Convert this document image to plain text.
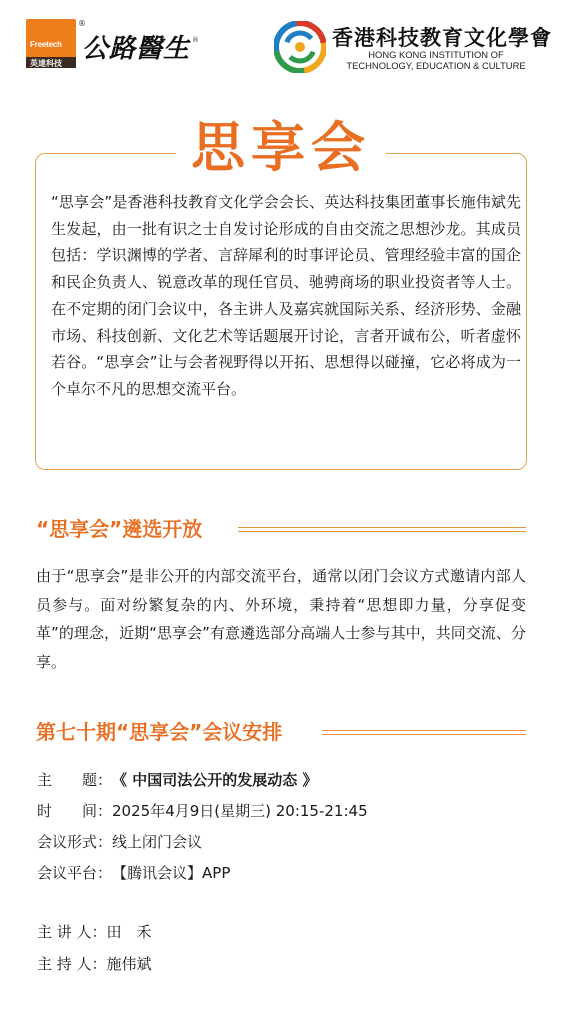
Freetech
英達科技
®
公路醫生 ®	香港科技教育文化學會
HONG KONG INSTITUTION OF
TECHNOLOGY, EDUCATION & CULTURE
思享会
“思享会”是香港科技教育文化学会会长、英达科技集团董事长施伟斌先生发起，由一批有识之士自发讨论形成的自由交流之思想沙龙。其成员包括：学识渊博的学者、言辞犀利的时事评论员、管理经验丰富的国企和民企负责人、锐意改革的现任官员、驰骋商场的职业投资者等人士。在不定期的闭门会议中，各主讲人及嘉宾就国际关系、经济形势、金融市场、科技创新、文化艺术等话题展开讨论，言者开诚布公，听者虚怀若谷。“思享会”让与会者视野得以开拓、思想得以碰撞，它必将成为一个卓尔不凡的思想交流平台。
“思享会”遴选开放
由于“思享会”是非公开的内部交流平台，通常以闭门会议方式邀请内部人员参与。面对纷繁复杂的内、外环境，秉持着“思想即力量，分享促变革”的理念，近期“思享会”有意遴选部分高端人士参与其中，共同交流、分享。
第七十期“思享会”会议安排
主　　题：《 中国司法公开的发展动态 》
时　　间：2025年4月9日(星期三) 20:15-21:45
会议形式：线上闭门会议
会议平台：【腾讯会议】APP
主 讲 人：田　禾
主 持 人：施伟斌
